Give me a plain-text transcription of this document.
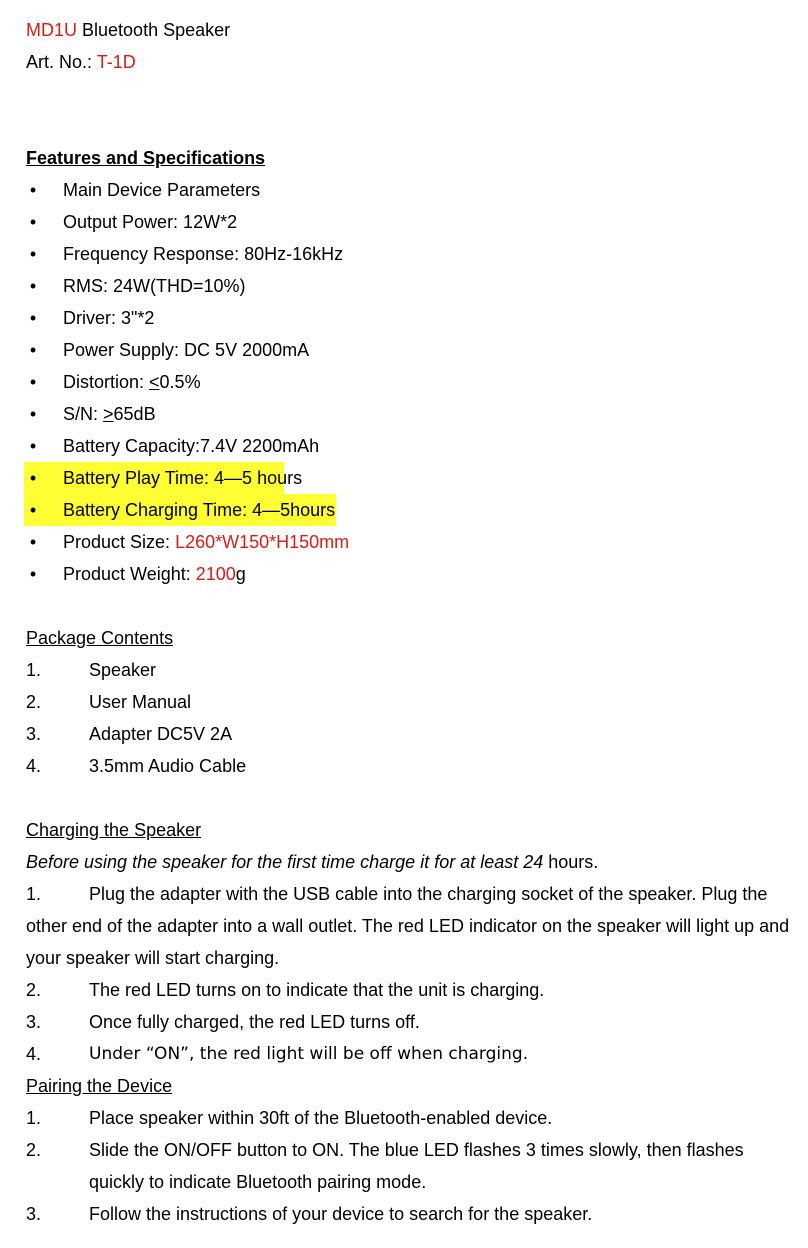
MD1U Bluetooth Speaker
Art. No.: T-1D
Features and Specifications
• Main Device Parameters
• Output Power: 12W*2
• Frequency Response: 80Hz-16kHz
• RMS: 24W(THD=10%)
• Driver: 3"*2
• Power Supply: DC 5V 2000mA
• Distortion: <0.5%
• S/N: >65dB
• Battery Capacity:7.4V 2200mAh
• Battery Play Time: 4—5 hours
• Battery Charging Time: 4—5hours
• Product Size: L260*W150*H150mm
• Product Weight: 2100g
Package Contents
1.	Speaker
2.	User Manual
3.	Adapter DC5V 2A
4.	3.5mm Audio Cable
Charging the Speaker
Before using the speaker for the first time charge it for at least 24 hours.
1.	Plug the adapter with the USB cable into the charging socket of the speaker. Plug the
other end of the adapter into a wall outlet. The red LED indicator on the speaker will light up and
your speaker will start charging.
2.	The red LED turns on to indicate that the unit is charging.
3.	Once fully charged, the red LED turns off.
4.	Under “ON”, the red light will be off when charging.
Pairing the Device
1.	Place speaker within 30ft of the Bluetooth-enabled device.
2.	Slide the ON/OFF button to ON. The blue LED flashes 3 times slowly, then flashes
quickly to indicate Bluetooth pairing mode.
3.	Follow the instructions of your device to search for the speaker.
